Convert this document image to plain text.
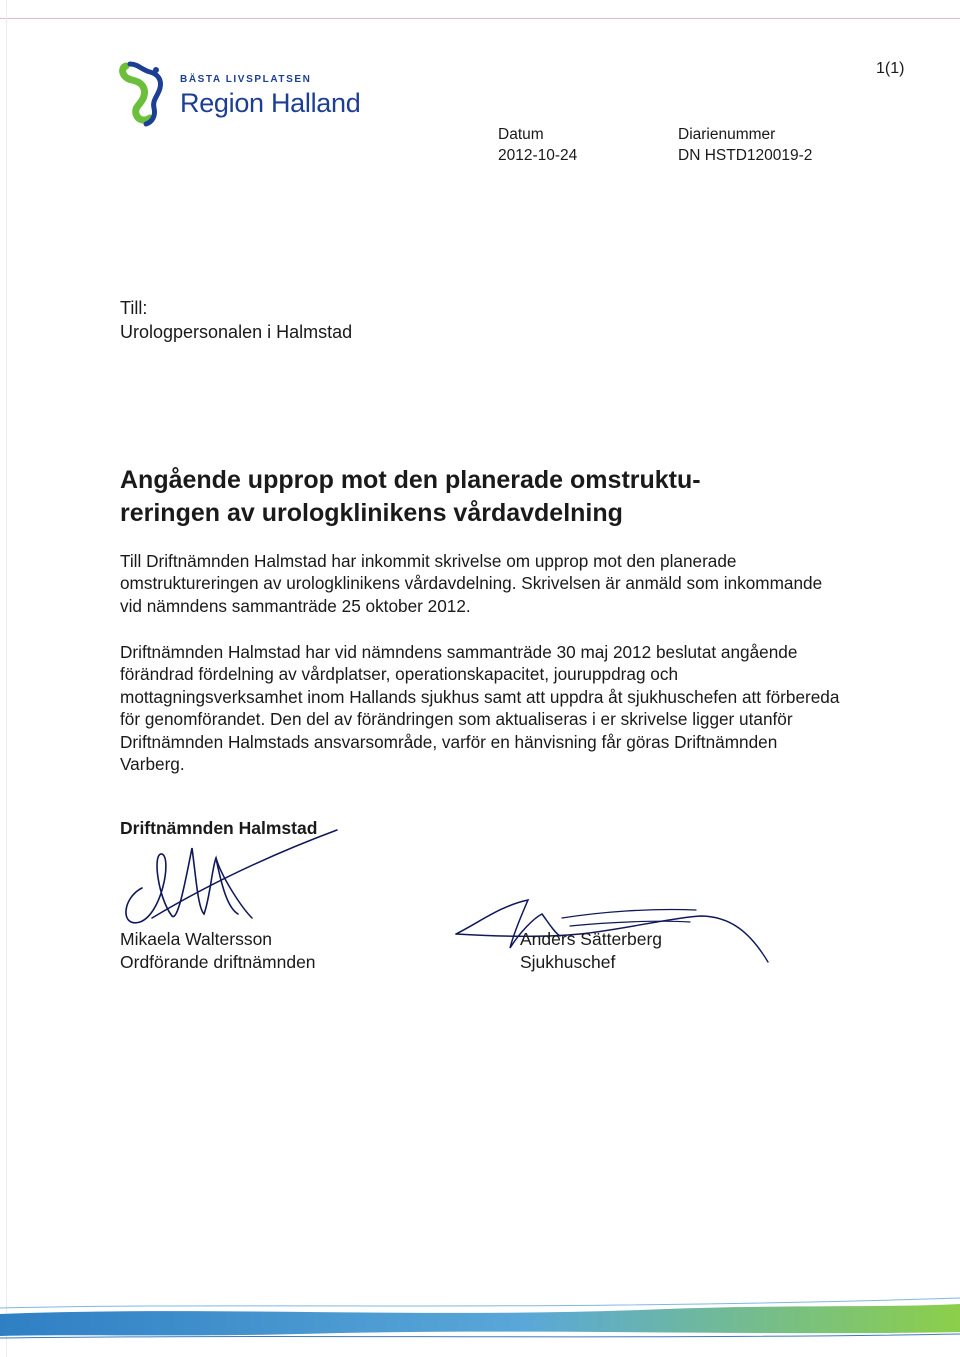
BÄSTA LIVSPLATSEN
Region Halland
1(1)
Datum
2012-10-24
Diarienummer
DN HSTD120019-2
Till:
Urologpersonalen i Halmstad
Angående upprop mot den planerade omstruktu-
reringen av urologklinikens vårdavdelning
Till Driftnämnden Halmstad har inkommit skrivelse om upprop mot den planerade omstruktureringen av urologklinikens vårdavdelning. Skrivelsen är anmäld som inkommande vid nämndens sammanträde 25 oktober 2012.
Driftnämnden Halmstad har vid nämndens sammanträde 30 maj 2012 beslutat angående förändrad fördelning av vårdplatser, operationskapacitet, jouruppdrag och mottagningsverksamhet inom Hallands sjukhus samt att uppdra åt sjukhuschefen att förbereda för genomförandet. Den del av förändringen som aktualiseras i er skrivelse ligger utanför Driftnämnden Halmstads ansvarsområde, varför en hänvisning får göras Driftnämnden Varberg.
Driftnämnden Halmstad
Mikaela Waltersson
Ordförande driftnämnden
Anders Sätterberg
Sjukhuschef
